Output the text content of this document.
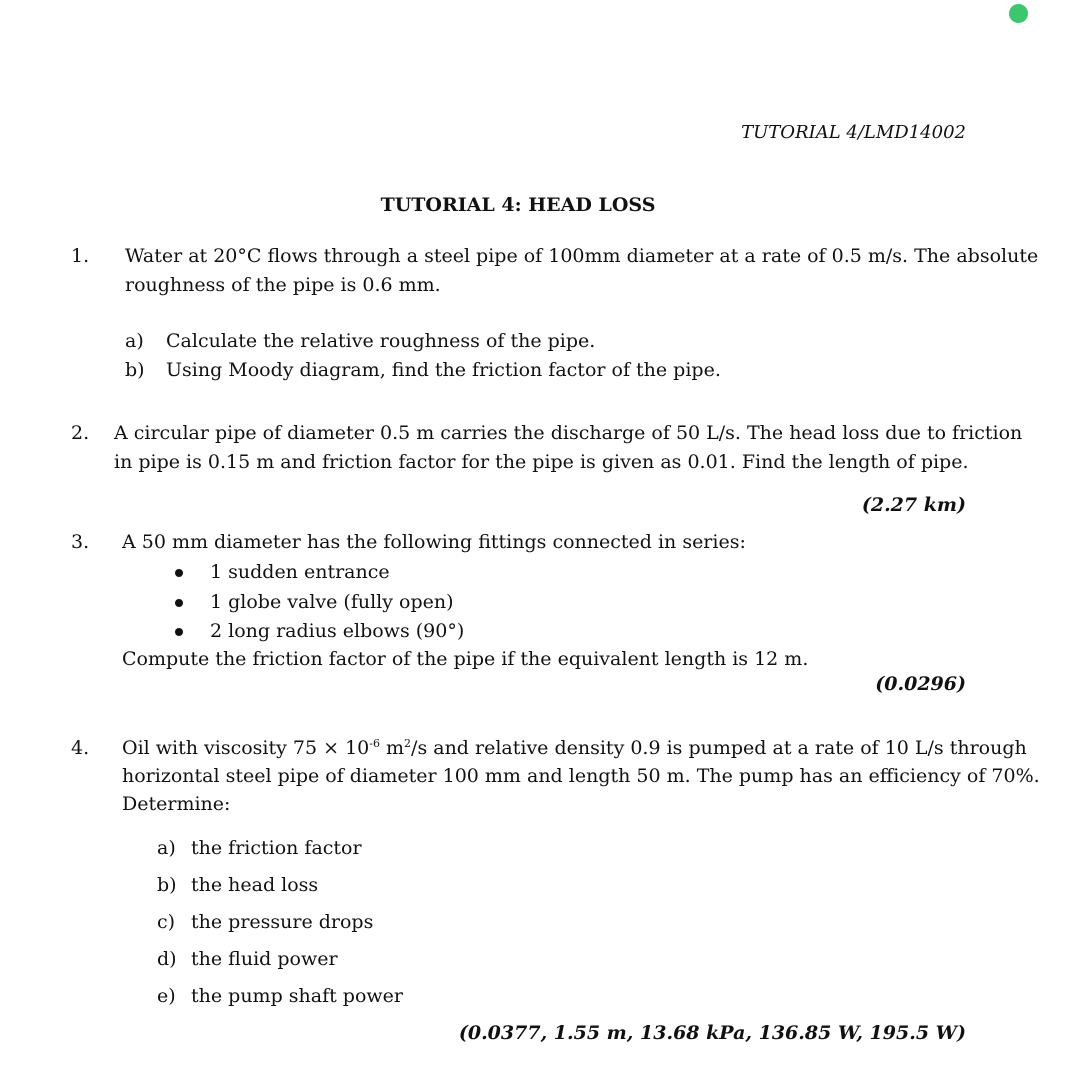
TUTORIAL 4/LMD14002
TUTORIAL 4: HEAD LOSS
1. Water at 20°C flows through a steel pipe of 100mm diameter at a rate of 0.5 m/s. The absolute
roughness of the pipe is 0.6 mm.
a) Calculate the relative roughness of the pipe.
b) Using Moody diagram, find the friction factor of the pipe.
2. A circular pipe of diameter 0.5 m carries the discharge of 50 L/s. The head loss due to friction
in pipe is 0.15 m and friction factor for the pipe is given as 0.01. Find the length of pipe.
(2.27 km)
3. A 50 mm diameter has the following fittings connected in series:
1 sudden entrance
1 globe valve (fully open)
2 long radius elbows (90°)
Compute the friction factor of the pipe if the equivalent length is 12 m.
(0.0296)
4. Oil with viscosity $75 \times 10^{-6}$ $m^2/s$ and relative density 0.9 is pumped at a rate of 10 L/s through
horizontal steel pipe of diameter 100 mm and length 50 m. The pump has an efficiency of 70%.
Determine:
a) the friction factor
b) the head loss
c) the pressure drops
d) the fluid power
e) the pump shaft power
(0.0377, 1.55 m, 13.68 kPa, 136.85 W, 195.5 W)
